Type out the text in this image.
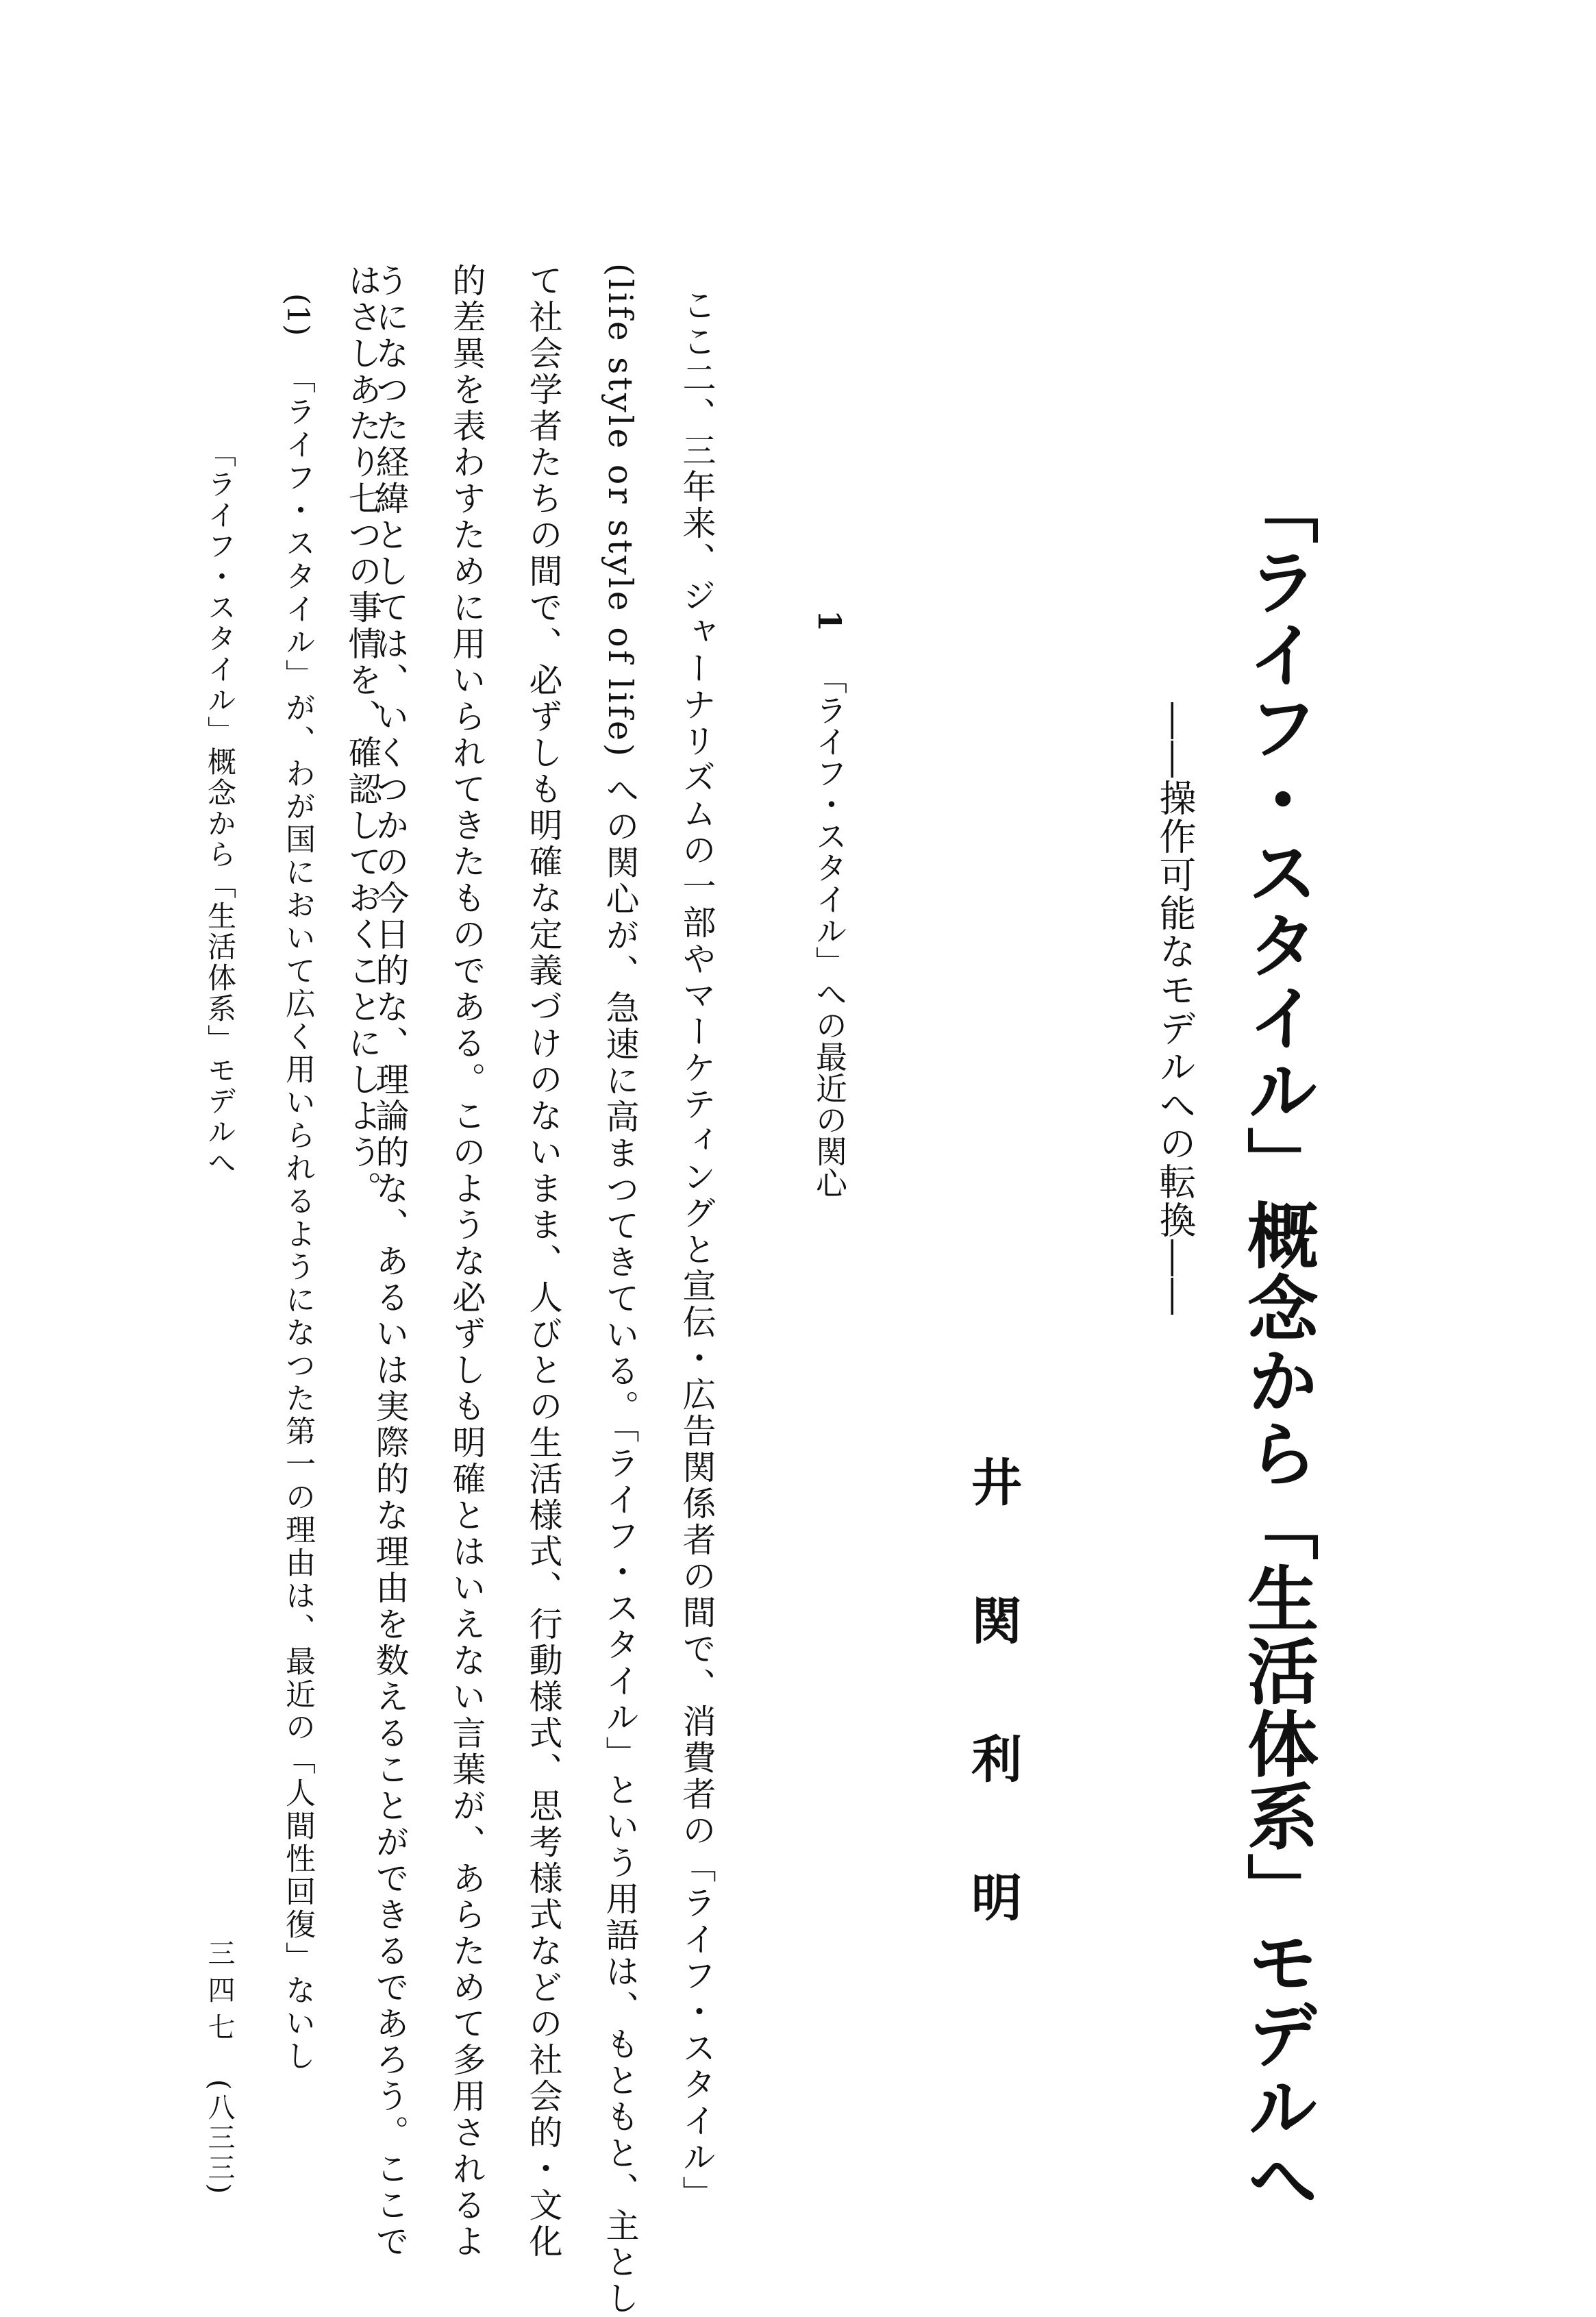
「ライフ・スタイル」概念から「生活体系」モデルへ
――操作可能なモデルへの転換――
井関利明
1「ライフ・スタイル」への最近の関心
ここ二、三年来、ジャーナリズムの一部やマーケティングと宣伝・広告関係者の間で、消費者の「ライフ・スタイル」
(life style or style of life) への関心が、急速に高まつてきている。「ライフ・スタイル」という用語は、もともと、主とし
て社会学者たちの間で、必ずしも明確な定義づけのないまま、人びとの生活様式、行動様式、思考様式などの社会的・文化
的差異を表わすために用いられてきたものである。このような必ずしも明確とはいえない言葉が、あらためて多用されるよ
うになつた経緯としては、いくつかの今日的な、理論的な、あるいは実際的な理由を数えることができるであろう。ここで
はさしあたり七つの事情を、確認しておくことにしよう。
(1)
「ライフ・スタイル」が、わが国において広く用いられるようになつた第一の理由は、最近の「人間性回復」ないし
「ライフ・スタイル」概念から「生活体系」モデルへ
三四七
(八三三)
